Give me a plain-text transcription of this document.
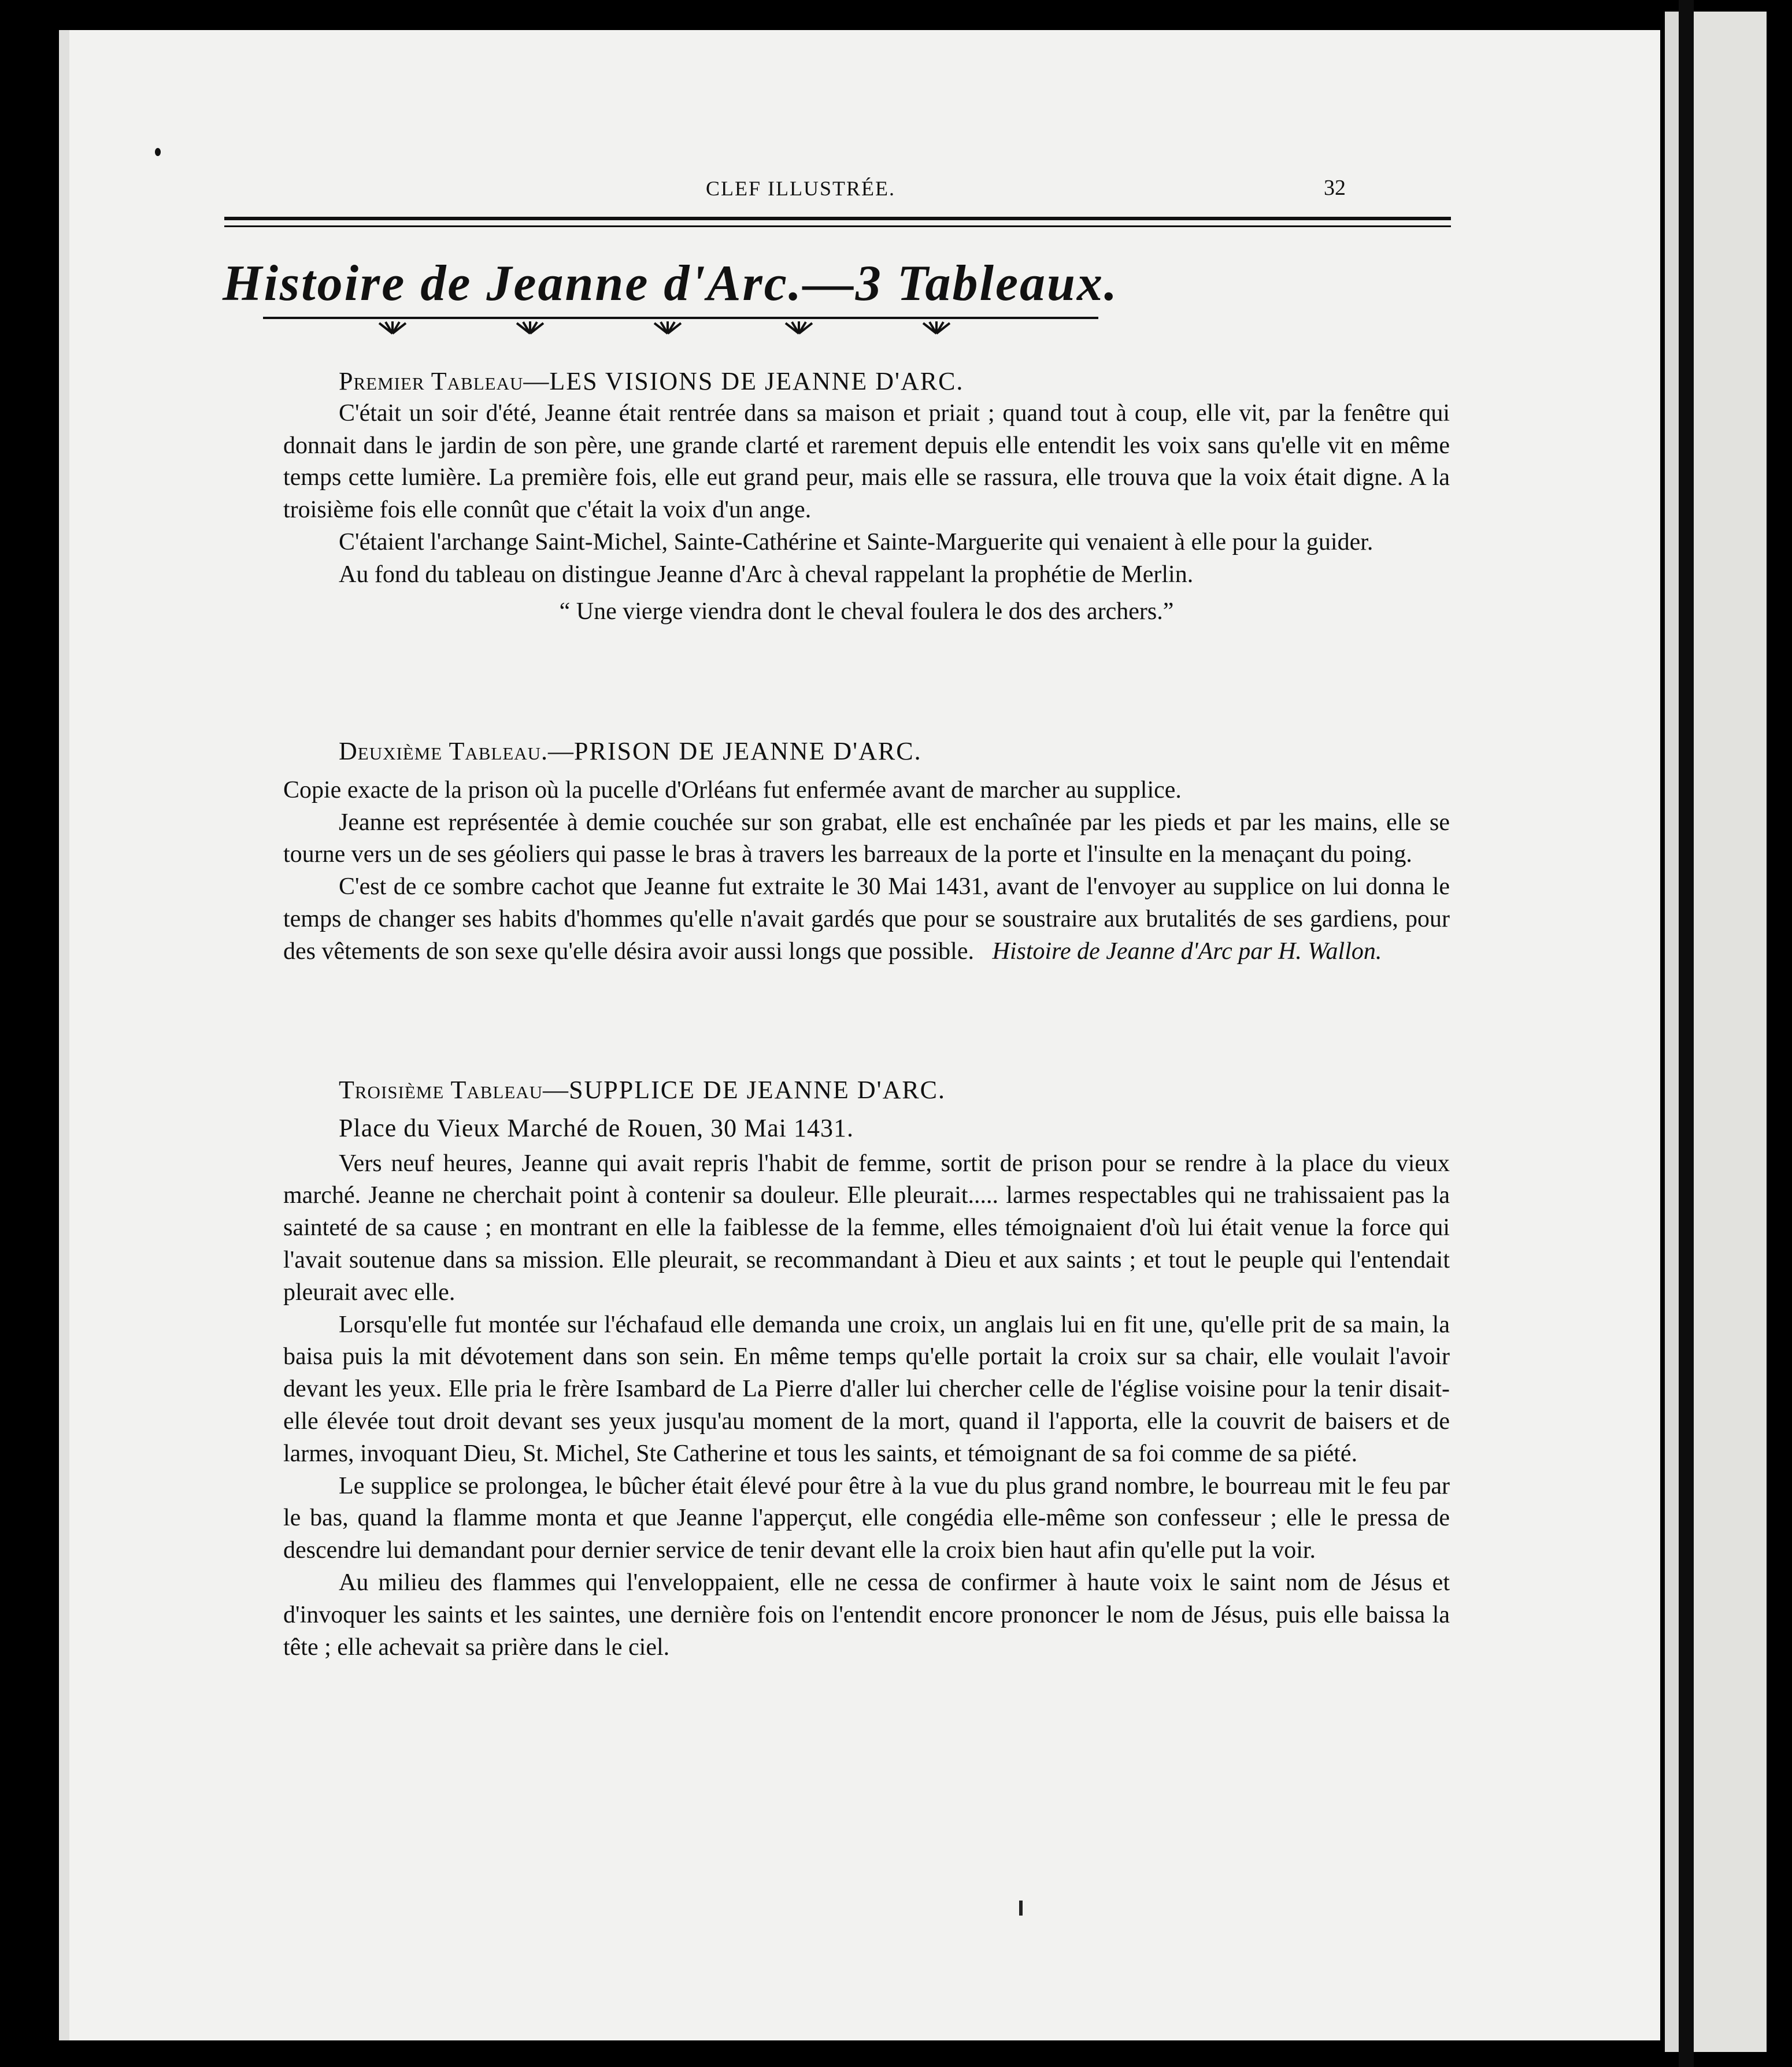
CLEF ILLUSTRÉE.	32
Histoire de Jeanne d'Arc.—3 Tableaux.

Premier Tableau—LES VISIONS DE JEANNE D'ARC.

C'était un soir d'été, Jeanne était rentrée dans sa maison et priait ; quand tout à coup, elle vit, par la fenêtre qui donnait dans le jardin de son père, une grande clarté et rarement depuis elle entendit les voix sans qu'elle vit en même temps cette lumière. La première fois, elle eut grand peur, mais elle se rassura, elle trouva que la voix était digne. A la troisième fois elle connût que c'était la voix d'un ange.

C'étaient l'archange Saint-Michel, Sainte-Cathérine et Sainte-Marguerite qui venaient à elle pour la guider.

Au fond du tableau on distingue Jeanne d'Arc à cheval rappelant la prophétie de Merlin.

“ Une vierge viendra dont le cheval foulera le dos des archers.”

Deuxième Tableau.—PRISON DE JEANNE D'ARC.

Copie exacte de la prison où la pucelle d'Orléans fut enfermée avant de marcher au supplice.

Jeanne est représentée à demie couchée sur son grabat, elle est enchaînée par les pieds et par les mains, elle se tourne vers un de ses géoliers qui passe le bras à travers les barreaux de la porte et l'insulte en la menaçant du poing.

C'est de ce sombre cachot que Jeanne fut extraite le 30 Mai 1431, avant de l'envoyer au supplice on lui donna le temps de changer ses habits d'hommes qu'elle n'avait gardés que pour se soustraire aux brutalités de ses gardiens, pour des vêtements de son sexe qu'elle désira avoir aussi longs que possible. Histoire de Jeanne d'Arc par H. Wallon.

Troisième Tableau—SUPPLICE DE JEANNE D'ARC.

Place du Vieux Marché de Rouen, 30 Mai 1431.

Vers neuf heures, Jeanne qui avait repris l'habit de femme, sortit de prison pour se rendre à la place du vieux marché. Jeanne ne cherchait point à contenir sa douleur. Elle pleurait..... larmes respectables qui ne trahissaient pas la sainteté de sa cause ; en montrant en elle la faiblesse de la femme, elles témoignaient d'où lui était venue la force qui l'avait soutenue dans sa mission. Elle pleurait, se recommandant à Dieu et aux saints ; et tout le peuple qui l'entendait pleurait avec elle.

Lorsqu'elle fut montée sur l'échafaud elle demanda une croix, un anglais lui en fit une, qu'elle prit de sa main, la baisa puis la mit dévotement dans son sein. En même temps qu'elle portait la croix sur sa chair, elle voulait l'avoir devant les yeux. Elle pria le frère Isambard de La Pierre d'aller lui chercher celle de l'église voisine pour la tenir disait-elle élevée tout droit devant ses yeux jusqu'au moment de la mort, quand il l'apporta, elle la couvrit de baisers et de larmes, invoquant Dieu, St. Michel, Ste Catherine et tous les saints, et témoignant de sa foi comme de sa piété.

Le supplice se prolongea, le bûcher était élevé pour être à la vue du plus grand nombre, le bourreau mit le feu par le bas, quand la flamme monta et que Jeanne l'apperçut, elle congédia elle-même son confesseur ; elle le pressa de descendre lui demandant pour dernier service de tenir devant elle la croix bien haut afin qu'elle put la voir.

Au milieu des flammes qui l'enveloppaient, elle ne cessa de confirmer à haute voix le saint nom de Jésus et d'invoquer les saints et les saintes, une dernière fois on l'entendit encore prononcer le nom de Jésus, puis elle baissa la tête ; elle achevait sa prière dans le ciel.
